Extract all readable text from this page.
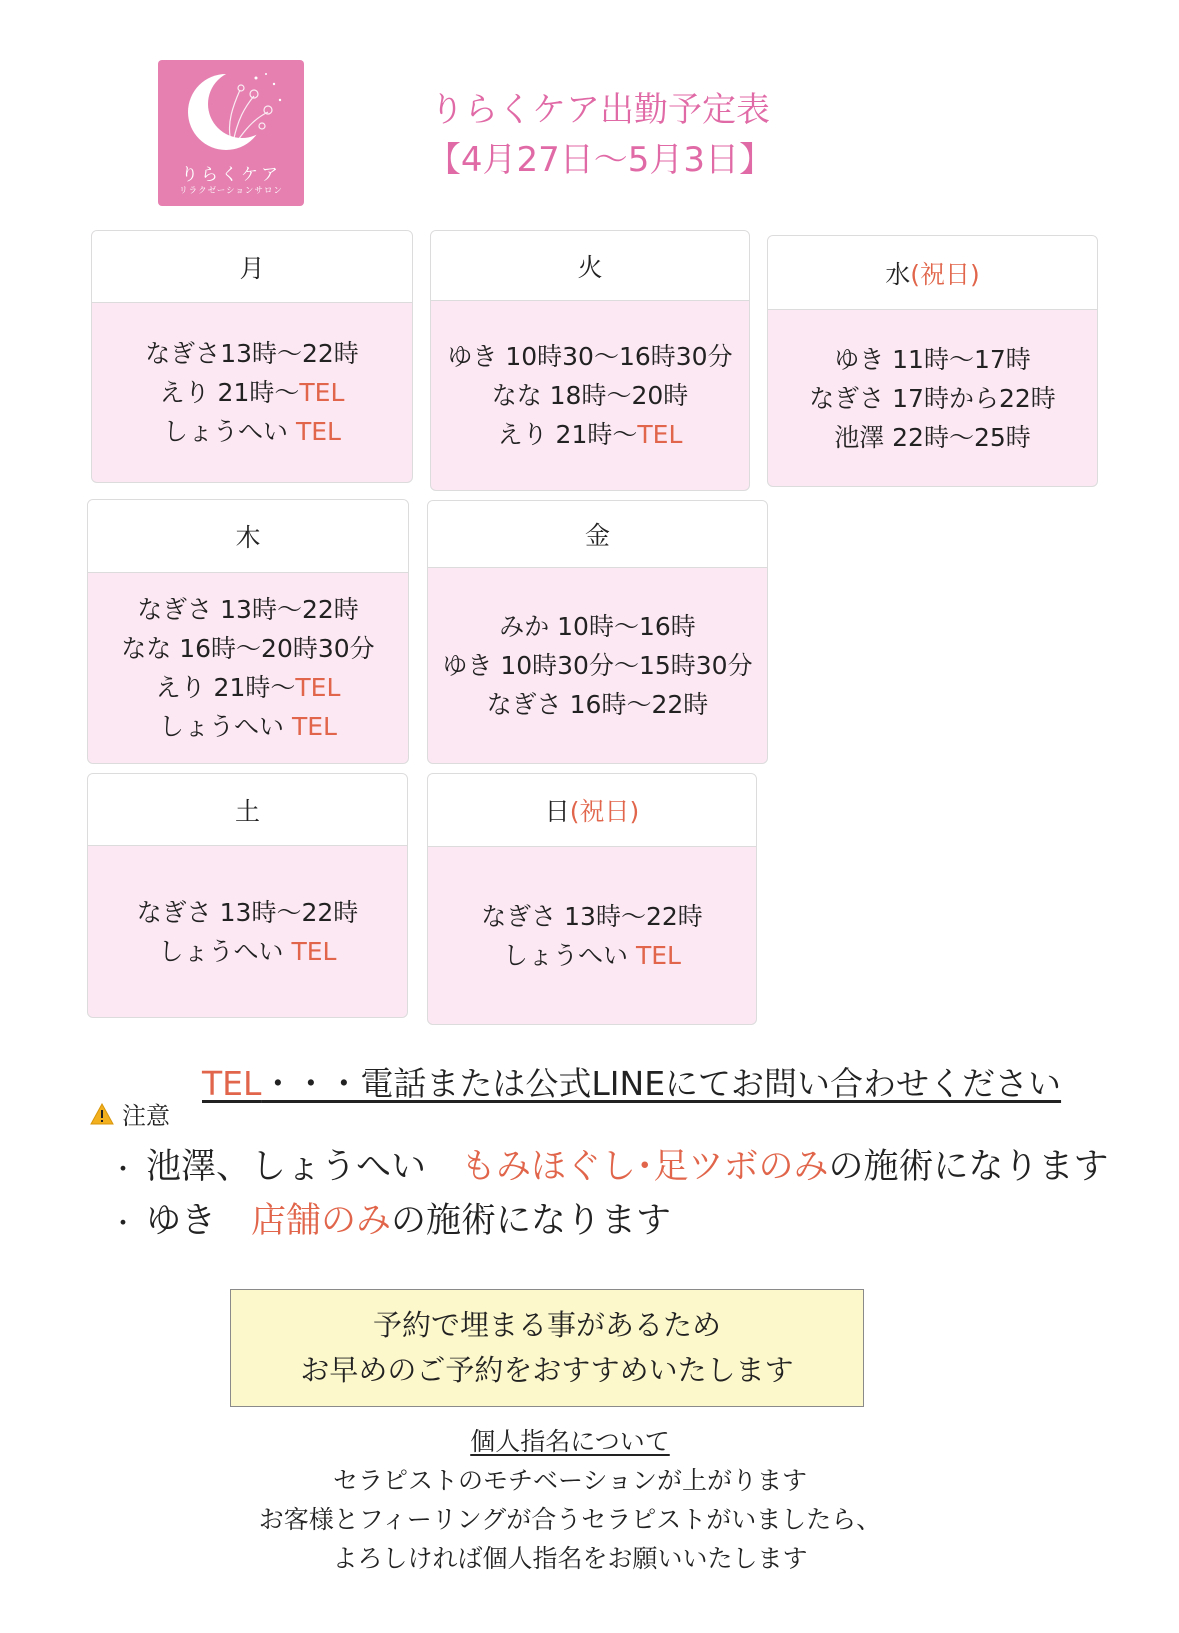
りらくケア
リラクゼーションサロン
りらくケア出勤予定表
【4月27日〜5月3日】
月
なぎさ13時〜22時
えり 21時〜TEL
しょうへい TEL
火
ゆき 10時30〜16時30分
なな 18時〜20時
えり 21時〜TEL
水 (祝日)
ゆき 11時〜17時
なぎさ 17時から22時
池澤 22時〜25時
木
なぎさ 13時〜22時
なな 16時〜20時30分
えり 21時〜TEL
しょうへい TEL
金
みか 10時〜16時
ゆき 10時30分〜15時30分
なぎさ 16時〜22時
土
なぎさ 13時〜22時
しょうへい TEL
日 (祝日)
なぎさ 13時〜22時
しょうへい TEL
TEL・・・電話または公式LINEにてお問い合わせください
注意
・ 池澤、しょうへい　もみほぐし･足ツボのみの施術になります
・ ゆき　店舗のみの施術になります
予約で埋まる事があるため
お早めのご予約をおすすめいたします
個人指名について
セラピストのモチベーションが上がります
お客様とフィーリングが合うセラピストがいましたら、
よろしければ個人指名をお願いいたします
